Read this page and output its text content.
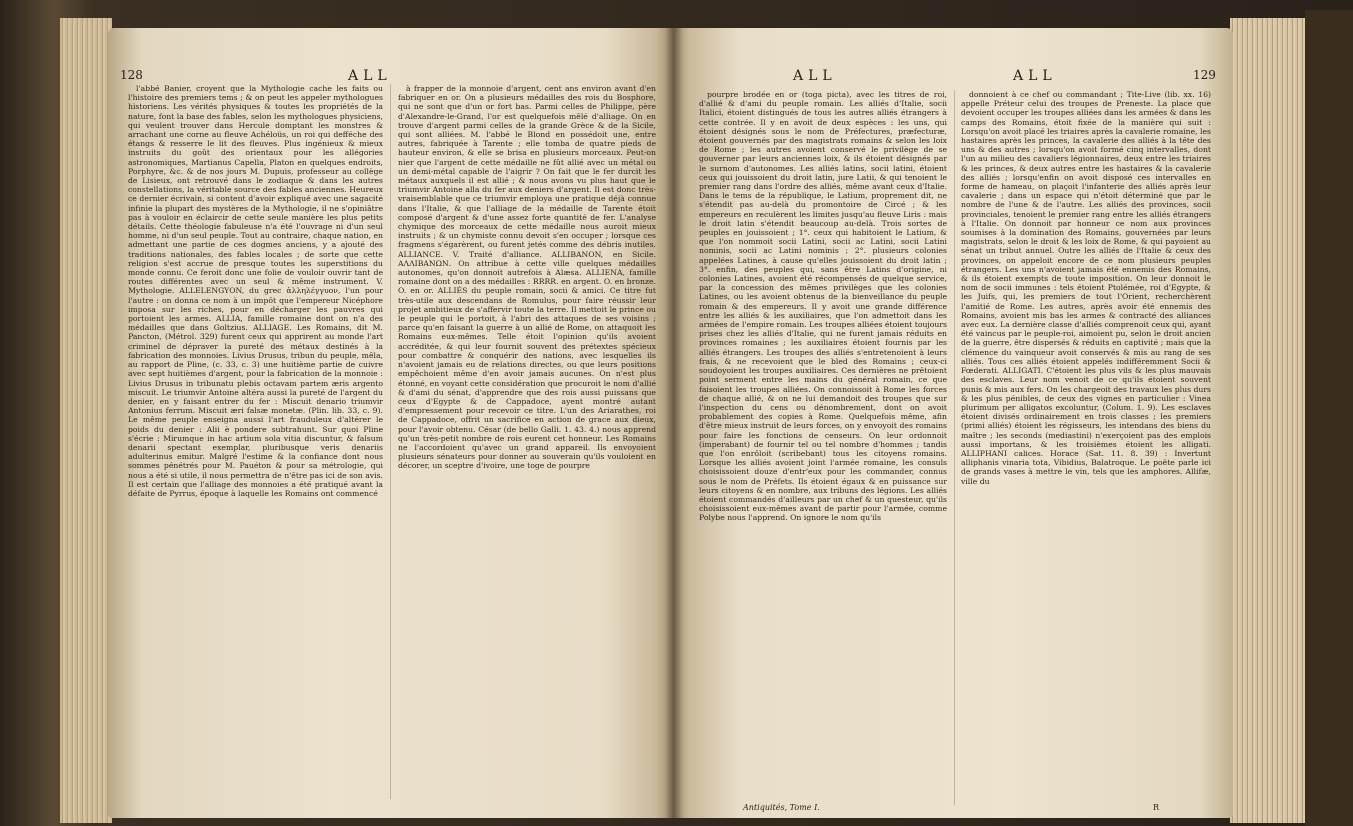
128	ALL

l'abbé Banier, croyent que la Mythologie cache les faits ou l'histoire des premiers tems ; & on peut les appeler mythologues historiens. Les vérités physiques & toutes les propriétés de la nature, font la base des fables, selon les mythologues physiciens, qui veulent trouver dans Hercule domptant les monstres & arrachant une corne au fleuve Achéloüs, un roi qui defféche des étangs & resserre le lit des fleuves. Plus ingénieux & mieux instruits du goût des orientaux pour les allégories astronomiques, Martianus Capella, Platon en quelques endroits, Porphyre, &c. & de nos jours M. Dupuis, professeur au collège de Lisieux, ont retrouvé dans le zodiaque & dans les autres constellations, la véritable source des fables anciennes. Heureux ce dernier écrivain, si content d'avoir expliqué avec une sagacité infinie la plupart des mystères de la Mythologie, il ne s'opiniâtre pas à vouloir en éclaircir de cette seule manière les plus petits détails. Cette théologie fabuleuse n'a été l'ouvrage ni d'un seul homme, ni d'un seul peuple. Tout au contraire, chaque nation, en admettant une partie de ces dogmes anciens, y a ajouté des traditions nationales, des fables locales ; de sorte que cette religion s'est accrue de presque toutes les superstitions du monde connu. Ce feroit donc une folie de vouloir ouvrir tant de routes différentes avec un seul & même instrument. V. Mythologie. ALLELENGYON, du grec ἀλληλέγγυον, l'un pour l'autre : on donna ce nom à un impôt que l'empereur Nicéphore imposa sur les riches, pour en décharger les pauvres qui portoient les armes. ALLIA, famille romaine dont on n'a des médailles que dans Goltzius. ALLIAGE. Les Romains, dit M. Pancton, (Métrol. 329) furent ceux qui apprirent au monde l'art criminel de dépraver la pureté des métaux destinés à la fabrication des monnoies. Livius Drusus, tribun du peuple, mêla, au rapport de Pline, (c. 33, c. 3) une huitième partie de cuivre avec sept huitièmes d'argent, pour la fabrication de la monnoie : Livius Drusus in tribunatu plebis octavam partem æris argento miscuit. Le triumvir Antoine altéra aussi la pureté de l'argent du denier, en y faisant entrer du fer : Miscuit denario triumvir Antonius ferrum. Miscuit æri falsæ monetæ. (Plin. lib. 33, c. 9). Le même peuple enseigna aussi l'art frauduleux d'altérer le poids du denier : Alii è pondere subtrahunt. Sur quoi Pline s'écrie : Mirumque in hac artium sola vitia discuntur, & falsum denarii spectant exemplar, pluribusque veris denariis adulterinus emitur. Malgré l'estime & la confiance dont nous sommes pénétrés pour M. Pauéton & pour sa métrologie, qui nous a été si utile, il nous permettra de n'être pas ici de son avis. Il est certain que l'alliage des monnoies a été pratiqué avant la défaite de Pyrrus, époque à laquelle les Romains ont commencé

à frapper de la monnoie d'argent, cent ans environ avant d'en fabriquer en or. On a plusieurs médailles des rois du Bosphore, qui ne sont que d'un or fort bas. Parmi celles de Philippe, père d'Alexandre-le-Grand, l'or est quelquefois mêlé d'alliage. On en trouve d'argent parmi celles de la grande Grèce & de la Sicile, qui sont alliées. M. l'abbé le Blond en possédoit une, entre autres, fabriquée à Tarente ; elle tomba de quatre pieds de hauteur environ, & elle se brisa en plusieurs morceaux. Peut-on nier que l'argent de cette médaille ne fût allié avec un métal ou un demi-métal capable de l'aigrir ? On fait que le fer durcit les métaux auxquels il est allié ; & nous avons vu plus haut que le triumvir Antoine alla du fer aux deniers d'argent. Il est donc très-vraisemblable que ce triumvir employa une pratique déjà connue dans l'Italie, & que l'alliage de la médaille de Tarente étoit composé d'argent & d'une assez forte quantité de fer. L'analyse chymique des morceaux de cette médaille nous auroit mieux instruits ; & un chymiste connu devoit s'en occuper ; lorsque ces fragmens s'égarèrent, ou furent jetés comme des débris inutiles. ALLIANCE. V. Traité d'alliance. ALLIBANON, en Sicile. ΑΛΛΙΒΑΝΩΝ. On attribue à cette ville quelques médailles autonomes, qu'on donnoit autrefois à Alæsa. ALLIENA, famille romaine dont on a des médailles : RRRR. en argent. O. en bronze. O. en or. ALLIÉS du peuple romain, socii & amici. Ce titre fut très-utile aux descendans de Romulus, pour faire réussir leur projet ambitieux de s'affervir toute la terre. Il mettoit le prince ou le peuple qui le portoit, à l'abri des attaques de ses voisins ; parce qu'en faisant la guerre à un allié de Rome, on attaquoit les Romains eux-mêmes. Telle étoit l'opinion qu'ils avoient accréditée, & qui leur fournit souvent des prétextes spécieux pour combattre & conquérir des nations, avec lesquelles ils n'avoient jamais eu de relations directes, ou que leurs positions empêchoient même d'en avoir jamais aucunes. On n'est plus étonné, en voyant cette considération que procuroit le nom d'allié & d'ami du sénat, d'apprendre que des rois aussi puissans que ceux d'Egypte & de Cappadoce, ayent montré autant d'empressement pour recevoir ce titre. L'un des Ariarathes, roi de Cappadoce, offrit un sacrifice en action de grace aux dieux, pour l'avoir obtenu. César (de bello Galli. 1. 43. 4.) nous apprend qu'un très-petit nombre de rois eurent cet honneur. Les Romains ne l'accordoient qu'avec un grand appareil. Ils envoyoient plusieurs sénateurs pour donner au souverain qu'ils vouloient en décorer, un sceptre d'ivoire, une toge de pourpre

ALL	ALL	129

pourpre brodée en or (toga picta), avec les titres de roi, d'allié & d'ami du peuple romain. Les alliés d'Italie, socii Italici, étoient distingués de tous les autres alliés étrangers à cette contrée. Il y en avoit de deux espèces : les uns, qui étoient désignés sous le nom de Préfectures, præfecturæ, étoient gouvernés par des magistrats romains & selon les loix de Rome ; les autres avoient conservé le privilège de se gouverner par leurs anciennes loix, & ils étoient désignés par le surnom d'autonomes. Les alliés latins, socii latini, étoient ceux qui jouissoient du droit latin, jure Latii, & qui tenoient le premier rang dans l'ordre des alliés, même avant ceux d'Italie. Dans le tems de la république, le Latium, proprement dit, ne s'étendit pas au-delà du promontoire de Circé ; & les empereurs en reculèrent les limites jusqu'au fleuve Liris : mais le droit latin s'étendit beaucoup au-delà. Trois sortes de peuples en jouissoient ; 1°. ceux qui habitoient le Latium, & que l'on nommoit socii Latini, socii ac Latini, socii Latini nominis, socii ac Latini nominis ; 2°. plusieurs colonies appelées Latines, à cause qu'elles jouissoient du droit latin ; 3°. enfin, des peuples qui, sans être Latins d'origine, ni colonies Latines, avoient été récompensés de quelque service, par la concession des mêmes privilèges que les colonies Latines, ou les avoient obtenus de la bienveillance du peuple romain & des empereurs. Il y avoit une grande différence entre les alliés & les auxiliaires, que l'on admettoit dans les armées de l'empire romain. Les troupes alliées étoient toujours prises chez les alliés d'Italie, qui ne furent jamais réduits en provinces romaines ; les auxiliaires étoient fournis par les alliés étrangers. Les troupes des alliés s'entretenoient à leurs frais, & ne recevoient que le bled des Romains ; ceux-ci soudoyoient les troupes auxiliaires. Ces dernières ne prêtoient point serment entre les mains du général romain, ce que faisoient les troupes alliées. On connoissoit à Rome les forces de chaque allié, & on ne lui demandoit des troupes que sur l'inspection du cens ou dénombrement, dont on avoit probablement des copies à Rome. Quelquefois même, afin d'être mieux instruit de leurs forces, on y envoyoit des romains pour faire les fonctions de censeurs. On leur ordonnoit (imperabant) de fournir tel ou tel nombre d'hommes ; tandis que l'on enrôloit (scribebant) tous les citoyens romains. Lorsque les alliés avoient joint l'armée romaine, les consuls choisissoient douze d'entr'eux pour les commander, connus sous le nom de Préfets. Ils étoient égaux & en puissance sur leurs citoyens & en nombre, aux tribuns des légions. Les alliés étoient commandés d'ailleurs par un chef & un questeur, qu'ils choisissoient eux-mêmes avant de partir pour l'armée, comme Polybe nous l'apprend. On ignore le nom qu'ils

donnoient à ce chef ou commandant ; Tite-Live (lib. xx. 16) appelle Préteur celui des troupes de Preneste. La place que devoient occuper les troupes alliées dans les armées & dans les camps des Romains, étoit fixée de la manière qui suit : Lorsqu'on avoit placé les triaires après la cavalerie romaine, les hastaires après les princes, la cavalerie des alliés à la tête des uns & des autres ; lorsqu'on avoit formé cinq intervalles, dont l'un au milieu des cavaliers légionnaires, deux entre les triaires & les princes, & deux autres entre les hastaires & la cavalerie des alliés ; lorsqu'enfin on avoit disposé ces intervalles en forme de hameau, on plaçoit l'infanterie des alliés après leur cavalerie ; dans un espace qui n'étoit déterminé que par le nombre de l'une & de l'autre. Les alliés des provinces, socii provinciales, tenoient le premier rang entre les alliés étrangers à l'Italie. On donnoit par honneur ce nom aux provinces soumises à la domination des Romains, gouvernées par leurs magistrats, selon le droit & les loix de Rome, & qui payoient au sénat un tribut annuel. Outre les alliés de l'Italie & ceux des provinces, on appeloit encore de ce nom plusieurs peuples étrangers. Les uns n'avoient jamais été ennemis des Romains, & ils étoient exempts de toute imposition. On leur donnoit le nom de socii immunes : tels étoient Ptolémée, roi d'Egypte, & les Juifs, qui, les premiers de tout l'Orient, recherchèrent l'amitié de Rome. Les autres, après avoir été ennemis des Romains, avoient mis bas les armes & contracté des alliances avec eux. La dernière classe d'alliés comprenoit ceux qui, ayant été vaincus par le peuple-roi, aimoient pu, selon le droit ancien de la guerre, être dispersés & réduits en captivité ; mais que la clémence du vainqueur avoit conservés & mis au rang de ses alliés. Tous ces alliés étoient appelés indifféremment Socii & Fœderati. ALLIGATI. C'étoient les plus vils & les plus mauvais des esclaves. Leur nom venoit de ce qu'ils étoient souvent punis & mis aux fers. On les chargeoit des travaux les plus durs & les plus pénibles, de ceux des vignes en particulier : Vinea plurimum per alligatos excoluntur, (Colum. 1. 9). Les esclaves étoient divisés ordinairement en trois classes ; les premiers (primi alliés) étoient les régisseurs, les intendans des biens du maître ; les seconds (mediastini) n'exerçoient pas des emplois aussi importans, & les troisièmes étoient les alligati. ALLIPHANI calices. Horace (Sat. 11. 8. 39) : Invertunt alliphanis vinaria tota, Vibidius, Balatroque. Le poëte parle ici de grands vases à mettre le vin, tels que les amphores. Allifæ, ville du

Antiquités, Tome I.	R
